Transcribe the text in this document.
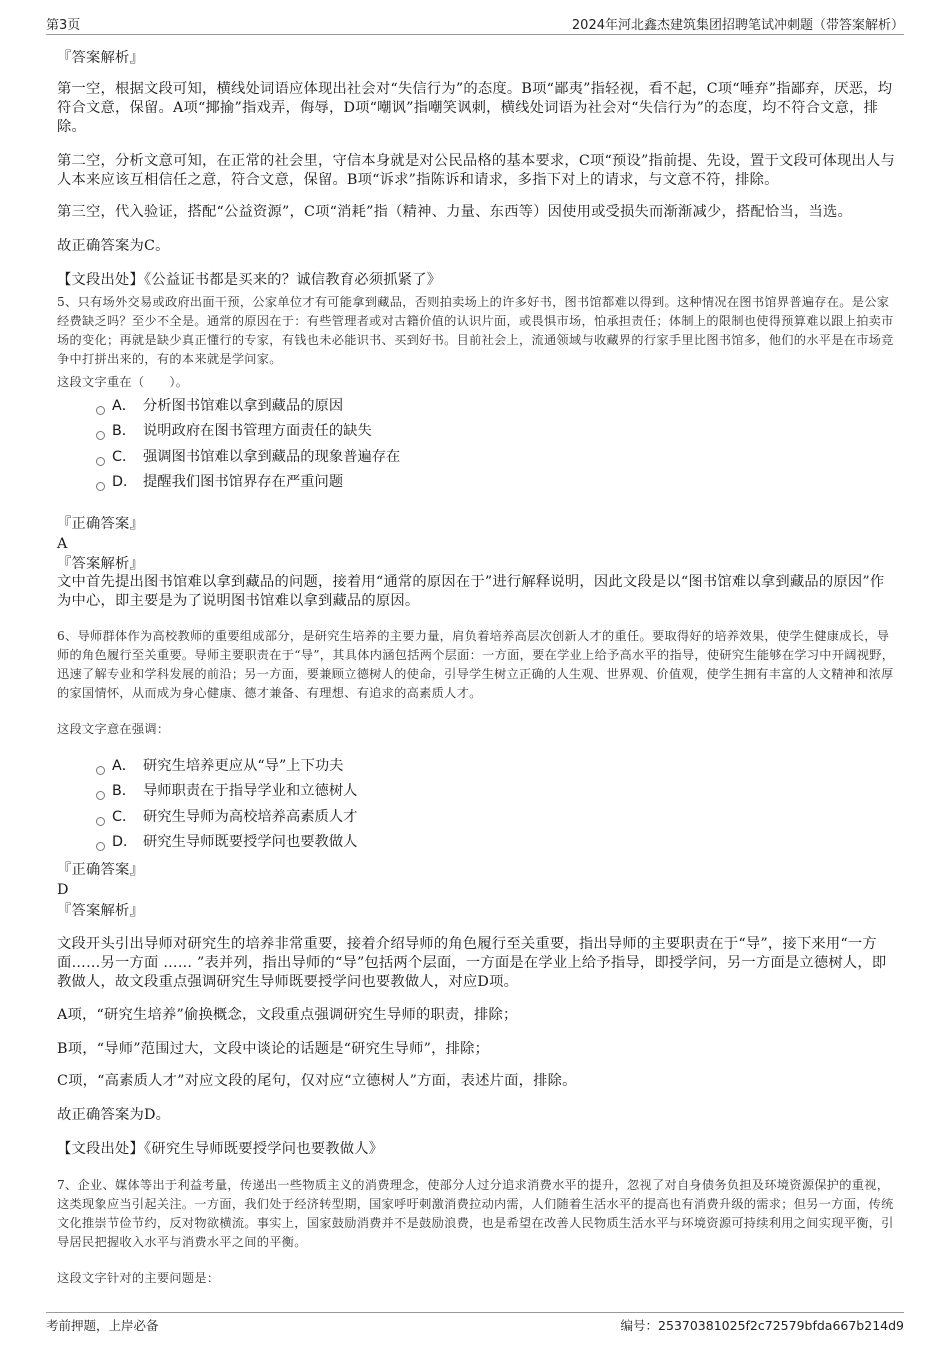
第3页	2024年河北鑫杰建筑集团招聘笔试冲刺题（带答案解析）
『答案解析』
第一空，根据文段可知，横线处词语应体现出社会对“失信行为”的态度。B项“鄙夷”指轻视，看不起，C项“唾弃”指鄙弃，厌恶，均符合文意，保留。A项“揶揄”指戏弄，侮辱，D项“嘲讽”指嘲笑讽刺，横线处词语为社会对“失信行为”的态度，均不符合文意，排除。
第二空，分析文意可知，在正常的社会里，守信本身就是对公民品格的基本要求，C项“预设”指前提、先设，置于文段可体现出人与人本来应该互相信任之意，符合文意，保留。B项“诉求”指陈诉和请求，多指下对上的请求，与文意不符，排除。
第三空，代入验证，搭配“公益资源”，C项“消耗”指（精神、力量、东西等）因使用或受损失而渐渐减少，搭配恰当，当选。
故正确答案为C。
【文段出处】《公益证书都是买来的？诚信教育必须抓紧了》
5、只有场外交易或政府出面干预，公家单位才有可能拿到藏品，否则拍卖场上的许多好书，图书馆都难以得到。这种情况在图书馆界普遍存在。是公家经费缺乏吗？至少不全是。通常的原因在于：有些管理者或对古籍价值的认识片面，或畏惧市场，怕承担责任；体制上的限制也使得预算难以跟上拍卖市场的变化；再就是缺少真正懂行的专家，有钱也未必能识书、买到好书。目前社会上，流通领域与收藏界的行家手里比图书馆多，他们的水平是在市场竞争中打拼出来的，有的本来就是学问家。
这段文字重在（　　）。
A． 分析图书馆难以拿到藏品的原因
B． 说明政府在图书管理方面责任的缺失
C． 强调图书馆难以拿到藏品的现象普遍存在
D． 提醒我们图书馆界存在严重问题
『正确答案』
A
『答案解析』
文中首先提出图书馆难以拿到藏品的问题，接着用“通常的原因在于”进行解释说明，因此文段是以“图书馆难以拿到藏品的原因”作为中心，即主要是为了说明图书馆难以拿到藏品的原因。
6、导师群体作为高校教师的重要组成部分，是研究生培养的主要力量，肩负着培养高层次创新人才的重任。要取得好的培养效果，使学生健康成长，导师的角色履行至关重要。导师主要职责在于“导”，其具体内涵包括两个层面：一方面，要在学业上给予高水平的指导，使研究生能够在学习中开阔视野，迅速了解专业和学科发展的前沿；另一方面，要兼顾立德树人的使命，引导学生树立正确的人生观、世界观、价值观，使学生拥有丰富的人文精神和浓厚的家国情怀，从而成为身心健康、德才兼备、有理想、有追求的高素质人才。
这段文字意在强调：
A． 研究生培养更应从“导”上下功夫
B． 导师职责在于指导学业和立德树人
C． 研究生导师为高校培养高素质人才
D． 研究生导师既要授学问也要教做人
『正确答案』
D
『答案解析』
文段开头引出导师对研究生的培养非常重要，接着介绍导师的角色履行至关重要，指出导师的主要职责在于“导”，接下来用“一方面……另一方面 …… ”表并列，指出导师的“导”包括两个层面，一方面是在学业上给予指导，即授学问，另一方面是立德树人，即教做人，故文段重点强调研究生导师既要授学问也要教做人，对应D项。
A项，“研究生培养”偷换概念，文段重点强调研究生导师的职责，排除；
B项，“导师”范围过大，文段中谈论的话题是“研究生导师”，排除；
C项，“高素质人才”对应文段的尾句，仅对应“立德树人”方面，表述片面，排除。
故正确答案为D。
【文段出处】《研究生导师既要授学问也要教做人》
7、企业、媒体等出于利益考量，传递出一些物质主义的消费理念，使部分人过分追求消费水平的提升，忽视了对自身债务负担及环境资源保护的重视，这类现象应当引起关注。一方面，我们处于经济转型期，国家呼吁刺激消费拉动内需，人们随着生活水平的提高也有消费升级的需求；但另一方面，传统文化推崇节俭节约，反对物欲横流。事实上，国家鼓励消费并不是鼓励浪费，也是希望在改善人民物质生活水平与环境资源可持续利用之间实现平衡，引导居民把握收入水平与消费水平之间的平衡。
这段文字针对的主要问题是：
考前押题，上岸必备	编号：25370381025f2c72579bfda667b214d9
